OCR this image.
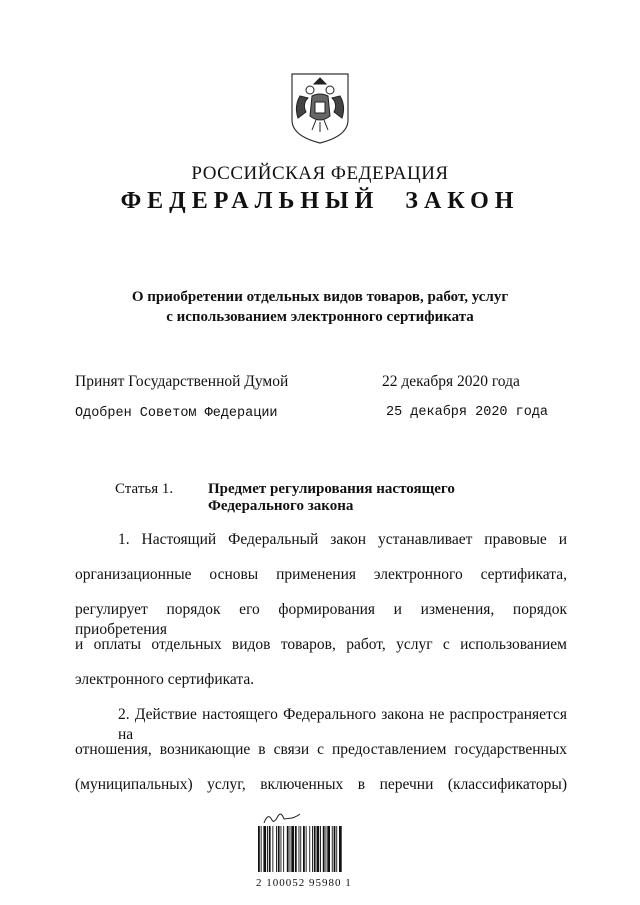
РОССИЙСКАЯ ФЕДЕРАЦИЯ
ФЕДЕРАЛЬНЫЙ ЗАКОН
О приобретении отдельных видов товаров, работ, услуг
с использованием электронного сертификата
Принят Государственной Думой	22 декабря 2020 года
Одобрен Советом Федерации	25 декабря 2020 года
Статья 1. Предмет регулирования настоящего
Федерального закона
1. Настоящий Федеральный закон устанавливает правовые и
организационные основы применения электронного сертификата,
регулирует порядок его формирования и изменения, порядок приобретения
и оплаты отдельных видов товаров, работ, услуг с использованием
электронного сертификата.
2. Действие настоящего Федерального закона не распространяется на
отношения, возникающие в связи с предоставлением государственных
(муниципальных) услуг, включенных в перечни (классификаторы)
2 100052 95980 1
